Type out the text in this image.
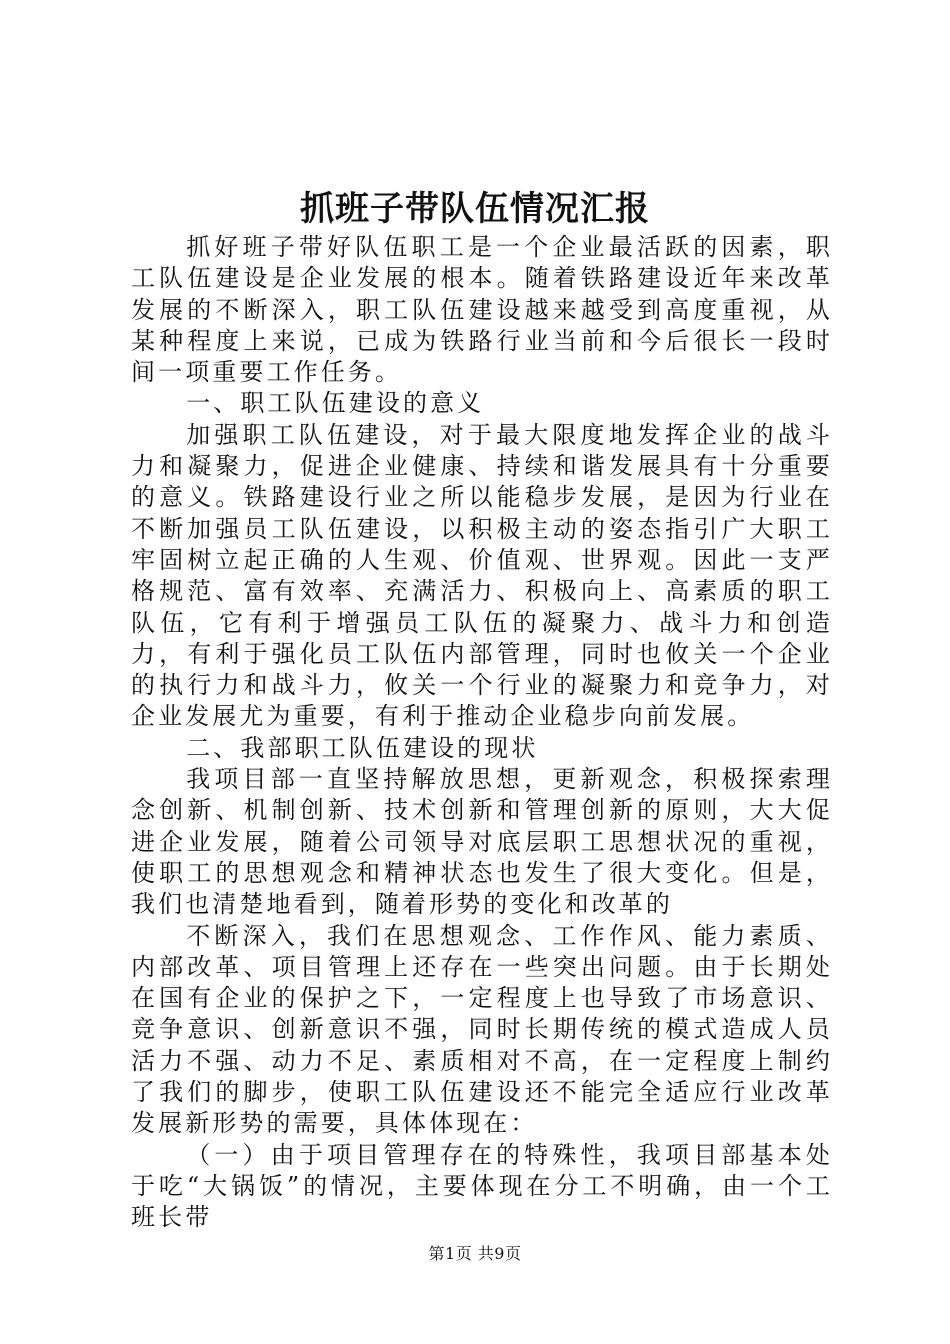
抓班子带队伍情况汇报

抓好班子带好队伍职工是一个企业最活跃的因素，职工队伍建设是企业发展的根本。随着铁路建设近年来改革发展的不断深入，职工队伍建设越来越受到高度重视，从某种程度上来说，已成为铁路行业当前和今后很长一段时间一项重要工作任务。

一、职工队伍建设的意义

加强职工队伍建设，对于最大限度地发挥企业的战斗力和凝聚力，促进企业健康、持续和谐发展具有十分重要的意义。铁路建设行业之所以能稳步发展，是因为行业在不断加强员工队伍建设，以积极主动的姿态指引广大职工牢固树立起正确的人生观、价值观、世界观。因此一支严格规范、富有效率、充满活力、积极向上、高素质的职工队伍，它有利于增强员工队伍的凝聚力、战斗力和创造力，有利于强化员工队伍内部管理，同时也攸关一个企业的执行力和战斗力，攸关一个行业的凝聚力和竞争力，对企业发展尤为重要，有利于推动企业稳步向前发展。

二、我部职工队伍建设的现状

我项目部一直坚持解放思想，更新观念，积极探索理念创新、机制创新、技术创新和管理创新的原则，大大促进企业发展，随着公司领导对底层职工思想状况的重视，使职工的思想观念和精神状态也发生了很大变化。但是，我们也清楚地看到，随着形势的变化和改革的

不断深入，我们在思想观念、工作作风、能力素质、内部改革、项目管理上还存在一些突出问题。由于长期处在国有企业的保护之下，一定程度上也导致了市场意识、竞争意识、创新意识不强，同时长期传统的模式造成人员活力不强、动力不足、素质相对不高，在一定程度上制约了我们的脚步，使职工队伍建设还不能完全适应行业改革发展新形势的需要，具体体现在：

（一）由于项目管理存在的特殊性，我项目部基本处于吃“大锅饭”的情况，主要体现在分工不明确，由一个工班长带

第1页 共9页
